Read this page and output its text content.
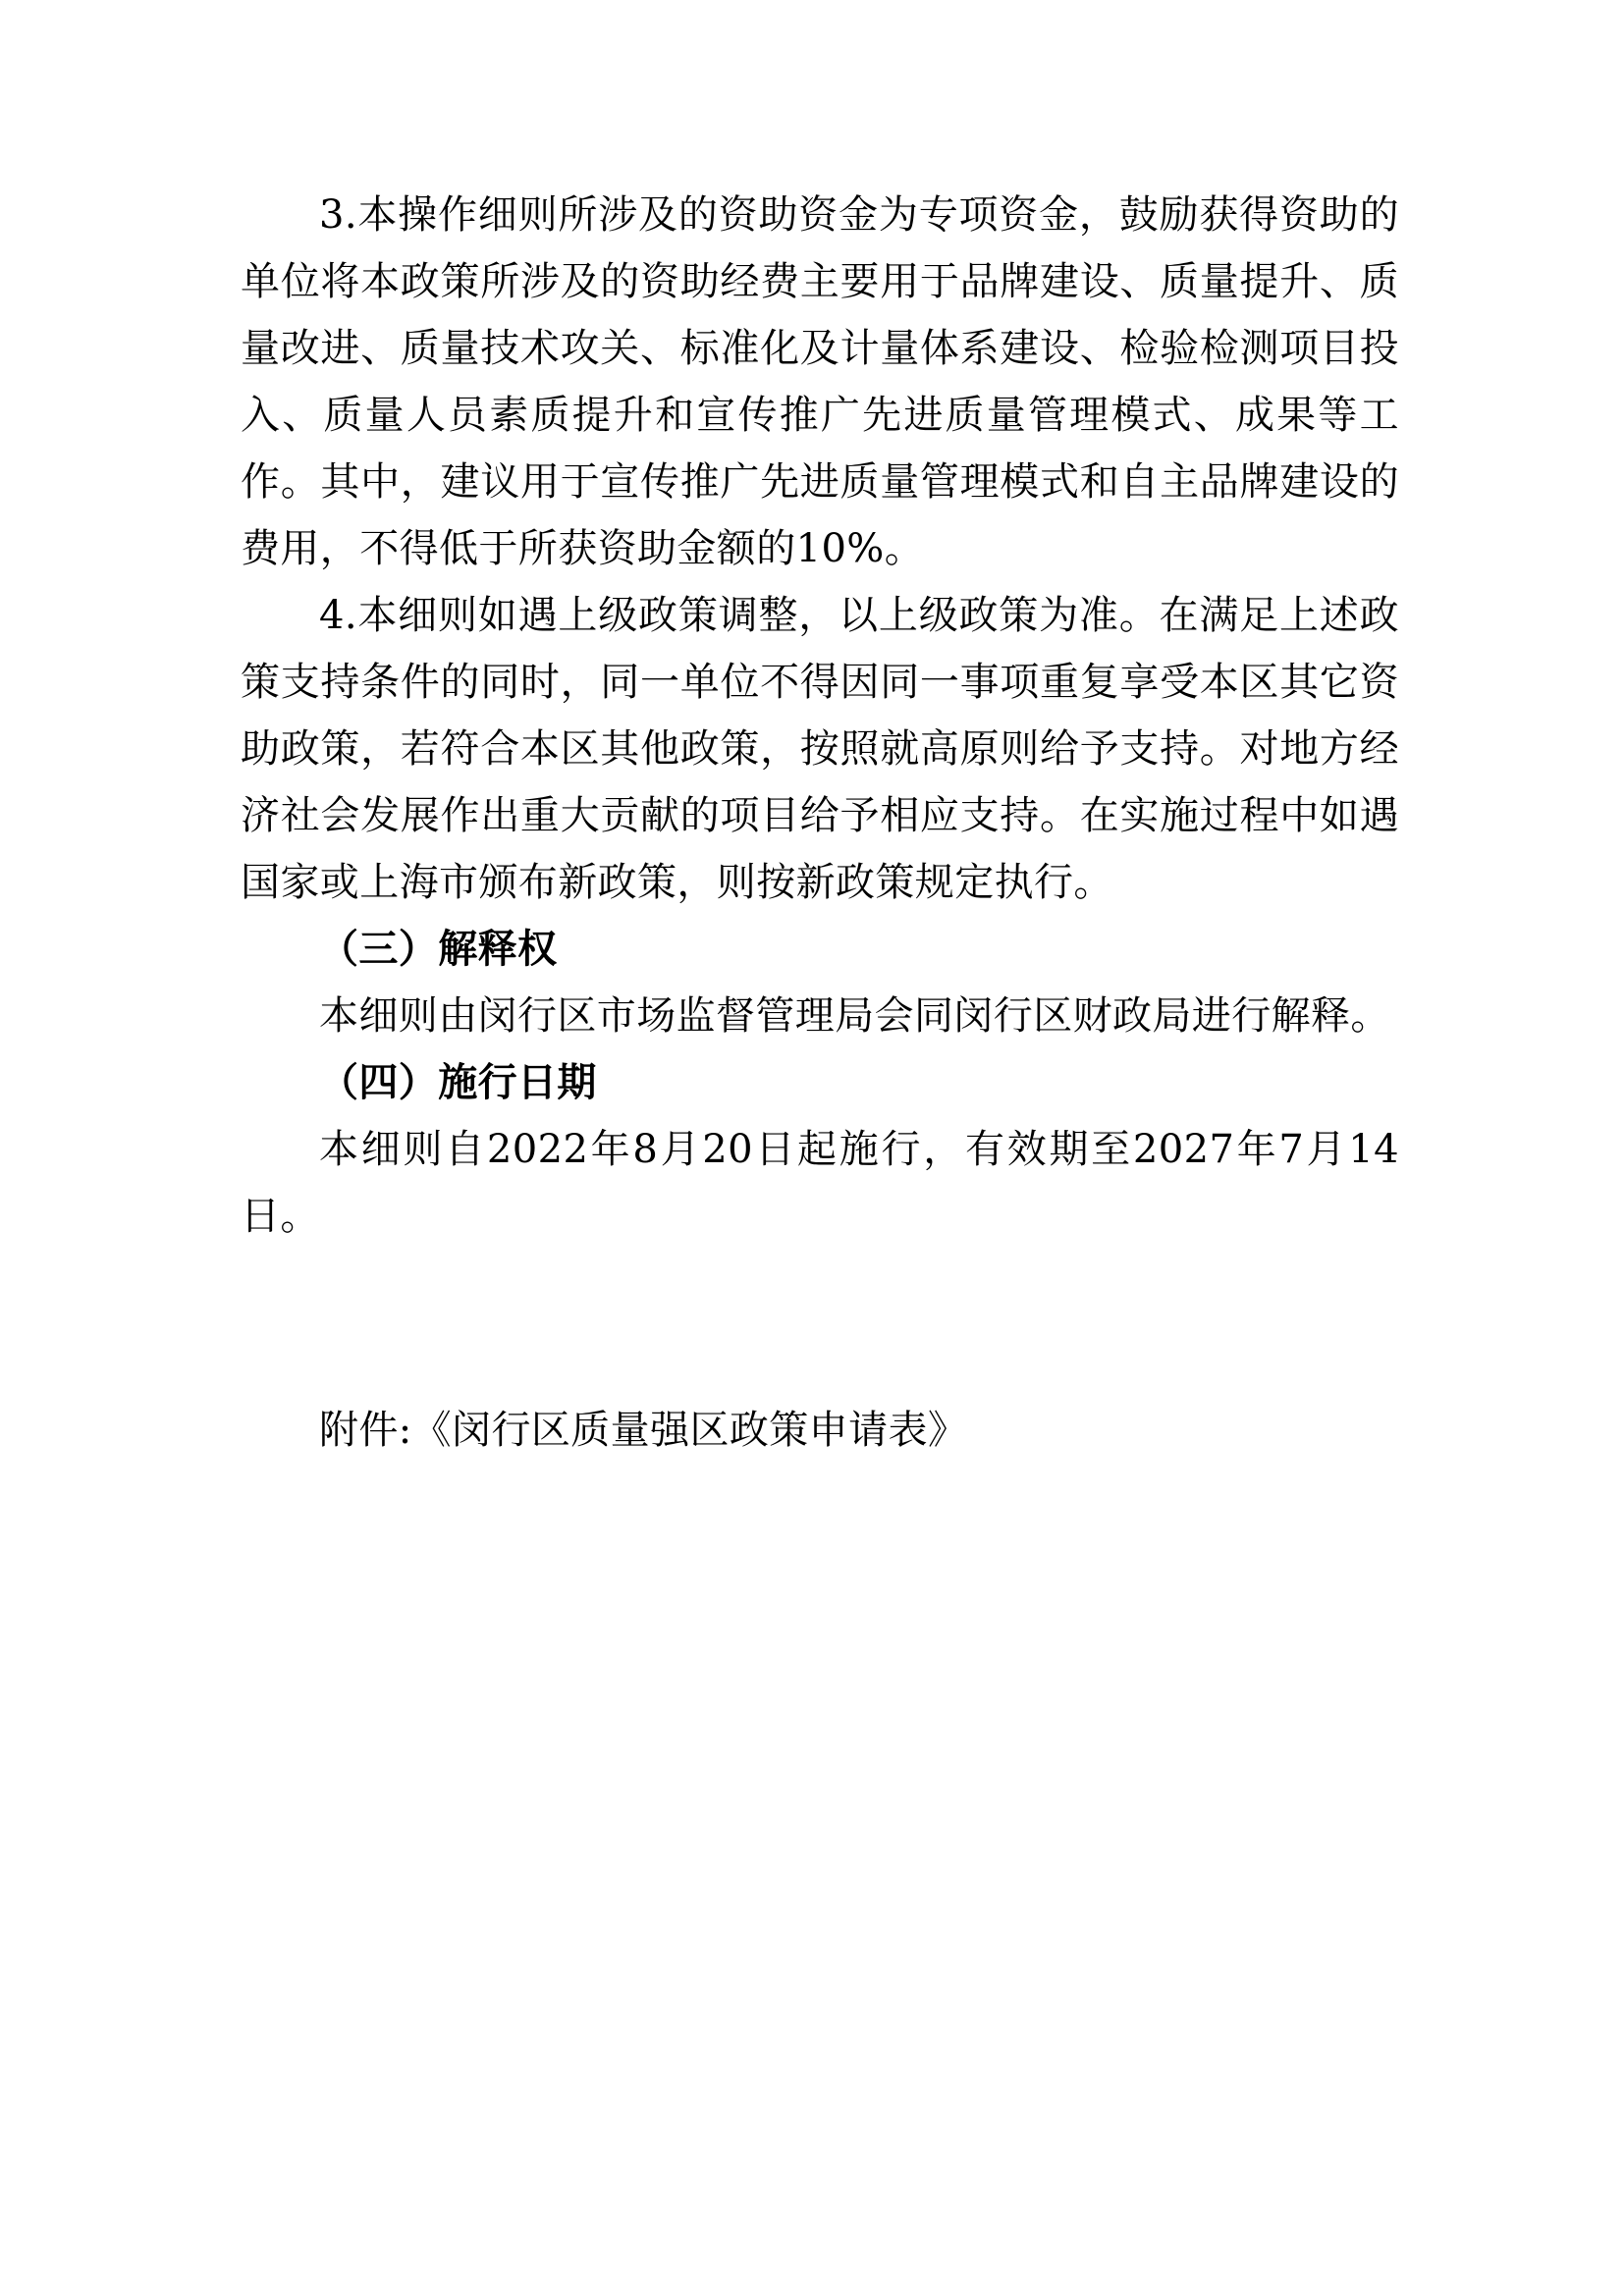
3.本操作细则所涉及的资助资金为专项资金，鼓励获得资助的单位将本政策所涉及的资助经费主要用于品牌建设、质量提升、质量改进、质量技术攻关、标准化及计量体系建设、检验检测项目投入、质量人员素质提升和宣传推广先进质量管理模式、成果等工作。其中，建议用于宣传推广先进质量管理模式和自主品牌建设的费用，不得低于所获资助金额的10%。

4.本细则如遇上级政策调整，以上级政策为准。在满足上述政策支持条件的同时，同一单位不得因同一事项重复享受本区其它资助政策，若符合本区其他政策，按照就高原则给予支持。对地方经济社会发展作出重大贡献的项目给予相应支持。在实施过程中如遇国家或上海市颁布新政策，则按新政策规定执行。

（三）解释权

本细则由闵行区市场监督管理局会同闵行区财政局进行解释。

（四）施行日期

本细则自2022年8月20日起施行，有效期至2027年7月14日。

附件:《闵行区质量强区政策申请表》
